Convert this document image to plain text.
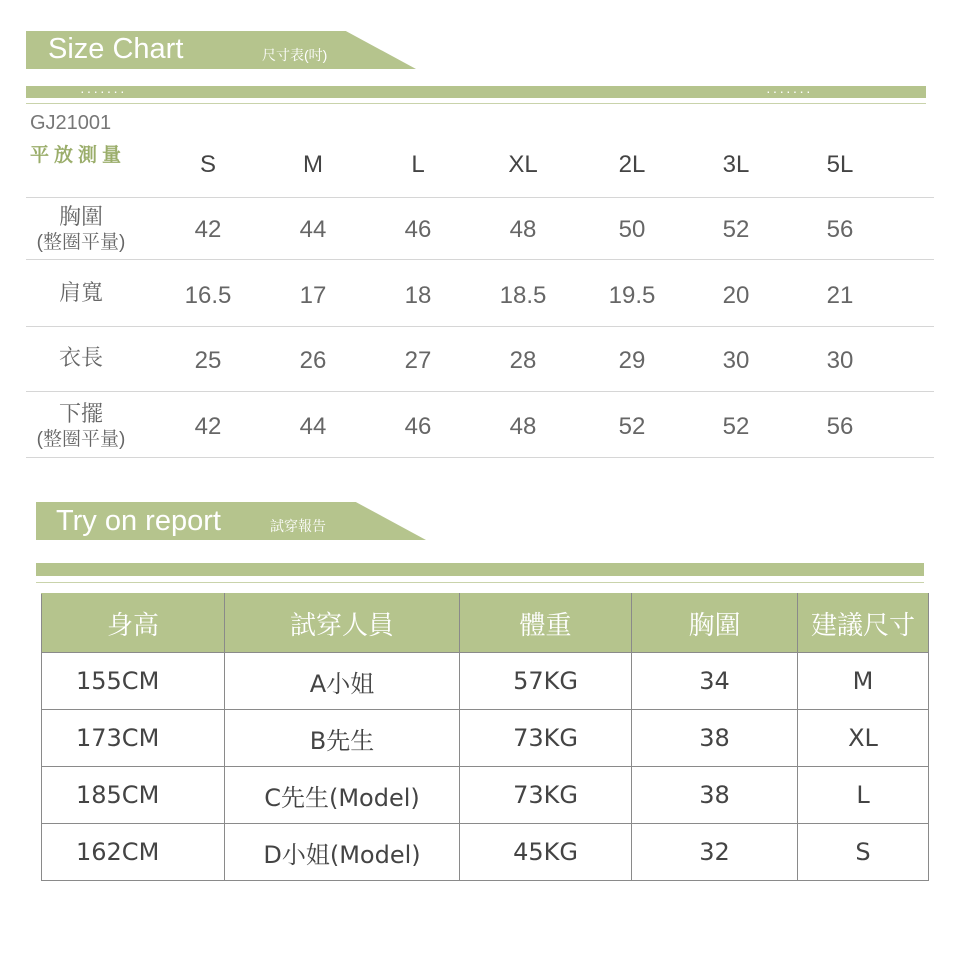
Size Chart	尺寸表(吋)
·······	·······
GJ21001
平放測量	S	M	L	XL	2L	3L	5L
胸圍
(整圈平量)	42	44	46	48	50	52	56
肩寬	16.5	17	18	18.5	19.5	20	21
衣長	25	26	27	28	29	30	30
下擺
(整圈平量)	42	44	46	48	52	52	56
Try on report	試穿報告
身高	試穿人員	體重	胸圍	建議尺寸
155CM	A小姐	57KG	34	M
173CM	B先生	73KG	38	XL
185CM	C先生(Model)	73KG	38	L
162CM	D小姐(Model)	45KG	32	S
